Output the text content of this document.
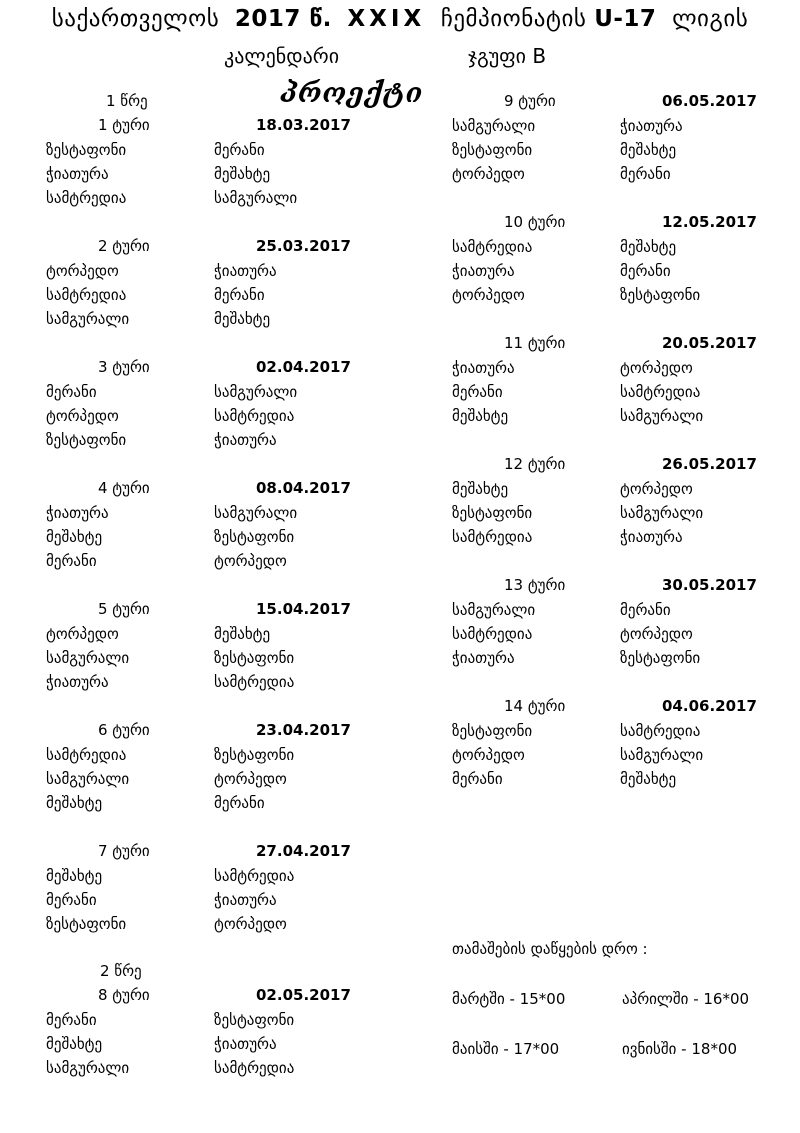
საქართველოს 2017 წ. XXIX ჩემპიონატის U-17 ლიგის
კალენდარი	ჯგუფი B
პროექტი
1 წრე
2 წრე
1 ტური	18.03.2017
ზესტაფონი	მერანი
ჭიათურა	მეშახტე
სამტრედია	სამგურალი
2 ტური	25.03.2017
ტორპედო	ჭიათურა
სამტრედია	მერანი
სამგურალი	მეშახტე
3 ტური	02.04.2017
მერანი	სამგურალი
ტორპედო	სამტრედია
ზესტაფონი	ჭიათურა
4 ტური	08.04.2017
ჭიათურა	სამგურალი
მეშახტე	ზესტაფონი
მერანი	ტორპედო
5 ტური	15.04.2017
ტორპედო	მეშახტე
სამგურალი	ზესტაფონი
ჭიათურა	სამტრედია
6 ტური	23.04.2017
სამტრედია	ზესტაფონი
სამგურალი	ტორპედო
მეშახტე	მერანი
7 ტური	27.04.2017
მეშახტე	სამტრედია
მერანი	ჭიათურა
ზესტაფონი	ტორპედო
8 ტური	02.05.2017
მერანი	ზესტაფონი
მეშახტე	ჭიათურა
სამგურალი	სამტრედია
9 ტური	06.05.2017
სამგურალი	ჭიათურა
ზესტაფონი	მეშახტე
ტორპედო	მერანი
10 ტური	12.05.2017
სამტრედია	მეშახტე
ჭიათურა	მერანი
ტორპედო	ზესტაფონი
11 ტური	20.05.2017
ჭიათურა	ტორპედო
მერანი	სამტრედია
მეშახტე	სამგურალი
12 ტური	26.05.2017
მეშახტე	ტორპედო
ზესტაფონი	სამგურალი
სამტრედია	ჭიათურა
13 ტური	30.05.2017
სამგურალი	მერანი
სამტრედია	ტორპედო
ჭიათურა	ზესტაფონი
14 ტური	04.06.2017
ზესტაფონი	სამტრედია
ტორპედო	სამგურალი
მერანი	მეშახტე
თამაშების დაწყების დრო :
მარტში - 15*00	აპრილში - 16*00
მაისში - 17*00	ივნისში - 18*00
